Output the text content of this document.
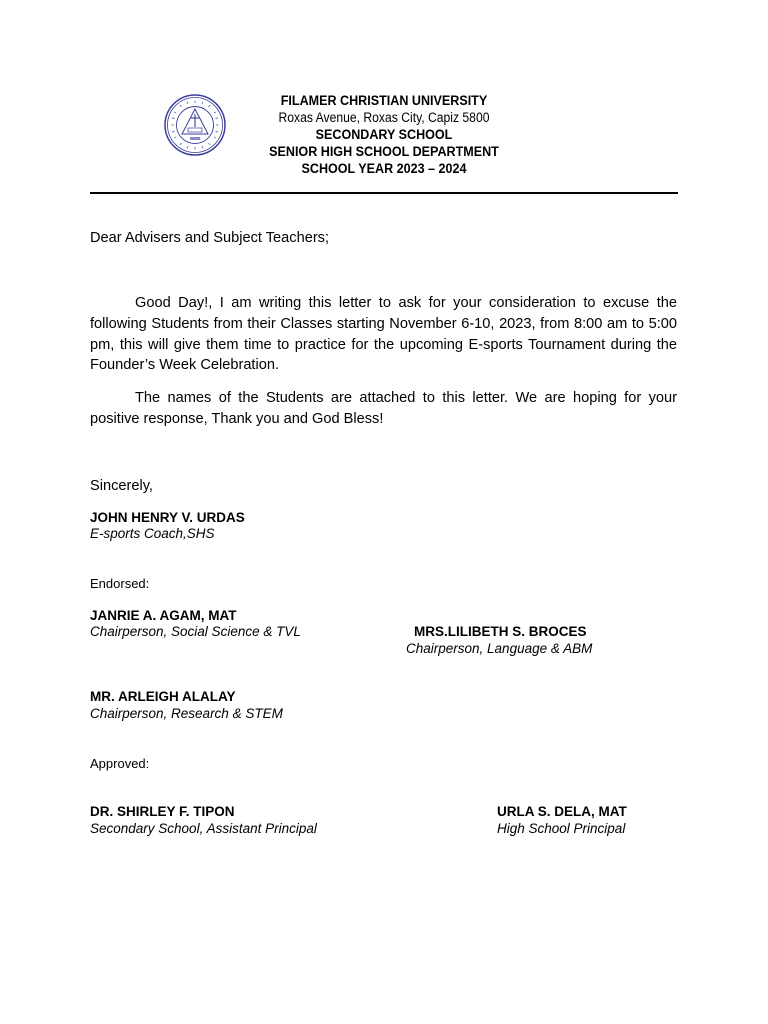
FILAMER CHRISTIAN UNIVERSITY
Roxas Avenue, Roxas City, Capiz 5800
SECONDARY SCHOOL
SENIOR HIGH SCHOOL DEPARTMENT
SCHOOL YEAR 2023 – 2024
Dear Advisers and Subject Teachers;
Good Day!, I am writing this letter to ask for your consideration to excuse the following Students from their Classes starting November 6-10, 2023, from 8:00 am to 5:00 pm, this will give them time to practice for the upcoming E-sports Tournament during the Founder’s Week Celebration.
The names of the Students are attached to this letter. We are hoping for your positive response, Thank you and God Bless!
Sincerely,
JOHN HENRY V. URDAS
E-sports Coach,SHS
Endorsed:
JANRIE A. AGAM, MAT
Chairperson, Social Science & TVL	MRS.LILIBETH S. BROCES
Chairperson, Language & ABM
MR. ARLEIGH ALALAY
Chairperson, Research & STEM
Approved:
DR. SHIRLEY F. TIPON
Secondary School, Assistant Principal
URLA S. DELA, MAT
High School Principal
